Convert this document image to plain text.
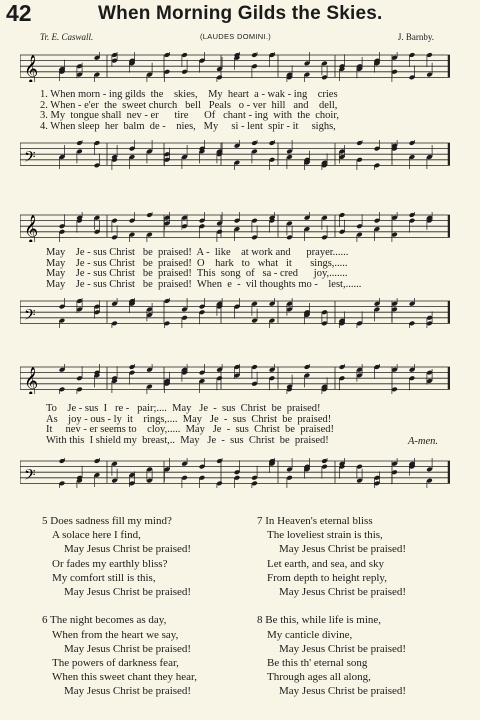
42	When Morning Gilds the Skies.
Tr. E. Caswall.	(LAUDES DOMINI.)	J. Barnby.
𝄞
1. When morn - ing gilds  the    skies,    My  heart  a - wak - ing    cries
2. When - e'er  the  sweet church   bell   Peals   o - ver  hill   and    dell,
3. My  tongue shall  nev - er      tire      Of   chant - ing  with  the  choir,
4. When sleep  her  balm  de -    nies,   My     si - lent  spir - it     sighs,
𝄢
𝄞
May    Je - sus Christ   be  praised!  A -  like    at work and      prayer......
May    Je - sus Christ   be  praised!  O    hark   to   what   it       sings,.....
May    Je - sus Christ   be  praised!  This  song  of   sa - cred      joy,.......
May    Je - sus Christ   be  praised!  When  e  -  vil thoughts mo -    lest,......
𝄢
𝄞
To    Je - sus  I   re -   pair;....  May   Je  -  sus  Christ  be  praised!
As    joy - ous - ly  it    rings,....  May   Je  -  sus  Christ  be  praised!
It     nev - er seems to    cloy,.....  May   Je  -  sus  Christ  be  praised!
With this  I shield my  breast,..  May   Je  -  sus  Christ  be  praised!	A-men.
𝄢
5 Does sadness fill my mind?
A solace here I find,
May Jesus Christ be praised!
Or fades my earthly bliss?
My comfort still is this,
May Jesus Christ be praised!
6 The night becomes as day,
When from the heart we say,
May Jesus Christ be praised!
The powers of darkness fear,
When this sweet chant they hear,
May Jesus Christ be praised!
7 In Heaven's eternal bliss
The loveliest strain is this,
May Jesus Christ be praised!
Let earth, and sea, and sky
From depth to height reply,
May Jesus Christ be praised!
8 Be this, while life is mine,
My canticle divine,
May Jesus Christ be praised!
Be this th' eternal song
Through ages all along,
May Jesus Christ be praised!
